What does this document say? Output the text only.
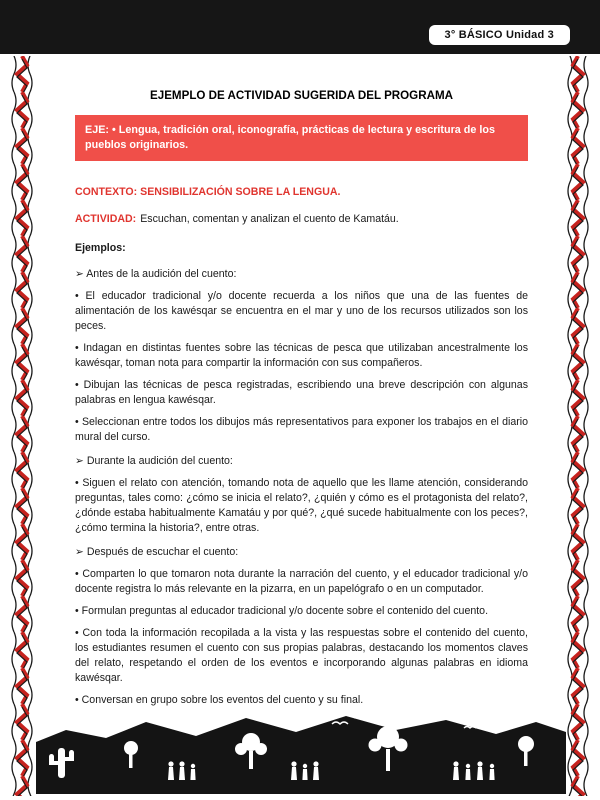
3° BÁSICO Unidad 3
EJEMPLO DE ACTIVIDAD SUGERIDA DEL PROGRAMA
EJE: • Lengua, tradición oral, iconografía, prácticas de lectura y escritura de los pueblos originarios.

CONTEXTO: SENSIBILIZACIÓN SOBRE LA LENGUA.

ACTIVIDAD: Escuchan, comentan y analizan el cuento de Kamatáu.

Ejemplos:

➢ Antes de la audición del cuento:

• El educador tradicional y/o docente recuerda a los niños que una de las fuentes de alimentación de los kawésqar se encuentra en el mar y uno de los recursos utilizados son los peces.

• Indagan en distintas fuentes sobre las técnicas de pesca que utilizaban ancestralmente los kawésqar, toman nota para compartir la información con sus compañeros.

• Dibujan las técnicas de pesca registradas, escribiendo una breve descripción con algunas palabras en lengua kawésqar.

• Seleccionan entre todos los dibujos más representativos para exponer los trabajos en el diario mural del curso.

➢ Durante la audición del cuento:

• Siguen el relato con atención, tomando nota de aquello que les llame atención, considerando preguntas, tales como: ¿cómo se inicia el relato?, ¿quién y cómo es el protagonista del relato?, ¿dónde estaba habitualmente Kamatáu y por qué?, ¿qué sucede habitualmente con los peces?, ¿cómo termina la historia?, entre otras.

➢ Después de escuchar el cuento:

• Comparten lo que tomaron nota durante la narración del cuento, y el educador tradicional y/o docente registra lo más relevante en la pizarra, en un papelógrafo o en un computador.

• Formulan preguntas al educador tradicional y/o docente sobre el contenido del cuento.

• Con toda la información recopilada a la vista y las respuestas sobre el contenido del cuento, los estudiantes resumen el cuento con sus propias palabras, destacando los momentos claves del relato, respetando el orden de los eventos e incorporando algunas palabras en idioma kawésqar.

• Conversan en grupo sobre los eventos del cuento y su final.
